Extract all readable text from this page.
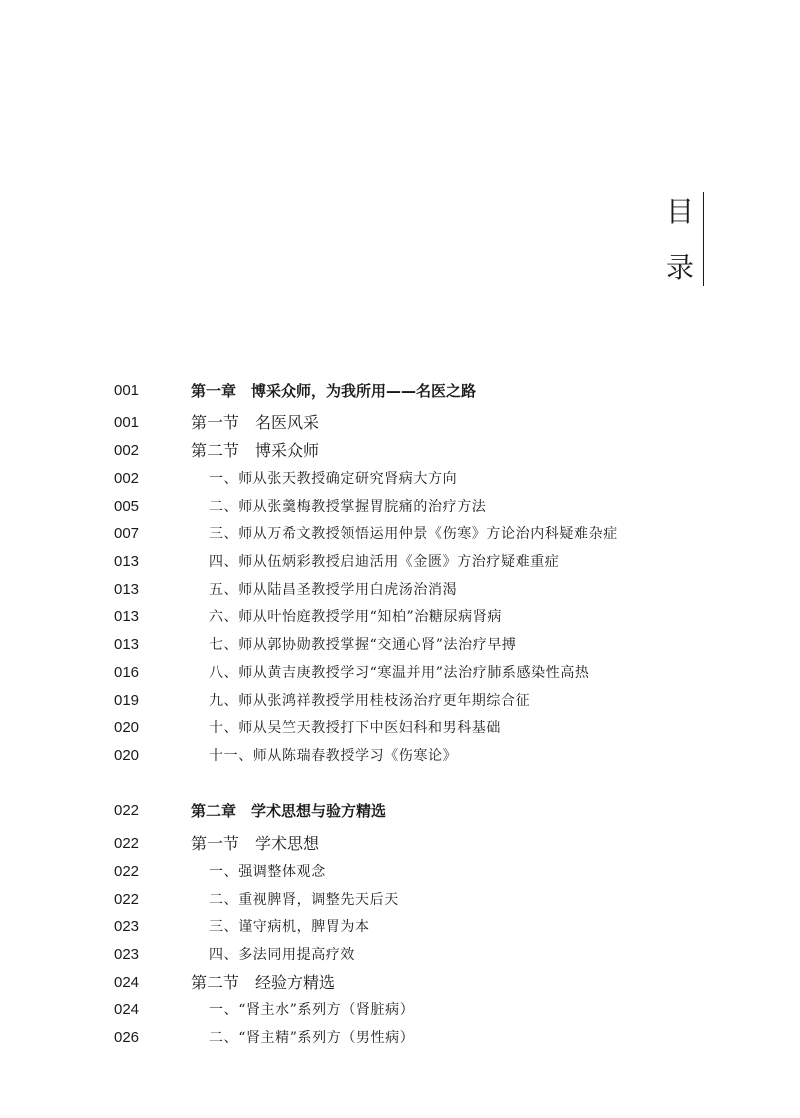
目
录
001	第一章　博采众师，为我所用——名医之路
001	第一节　名医风采
002	第二节　博采众师
002	一、师从张天教授确定研究肾病大方向
005	二、师从张羹梅教授掌握胃脘痛的治疗方法
007	三、师从万希文教授领悟运用仲景《伤寒》方论治内科疑难杂症
013	四、师从伍炳彩教授启迪活用《金匮》方治疗疑难重症
013	五、师从陆昌圣教授学用白虎汤治消渴
013	六、师从叶怡庭教授学用“知柏”治糖尿病肾病
013	七、师从郭协勋教授掌握“交通心肾”法治疗早搏
016	八、师从黄吉庚教授学习“寒温并用”法治疗肺系感染性高热
019	九、师从张鸿祥教授学用桂枝汤治疗更年期综合征
020	十、师从吴竺天教授打下中医妇科和男科基础
020	十一、师从陈瑞春教授学习《伤寒论》
022	第二章　学术思想与验方精选
022	第一节　学术思想
022	一、强调整体观念
022	二、重视脾肾，调整先天后天
023	三、谨守病机，脾胃为本
023	四、多法同用提高疗效
024	第二节　经验方精选
024	一、“肾主水”系列方（肾脏病）
026	二、“肾主精”系列方（男性病）
